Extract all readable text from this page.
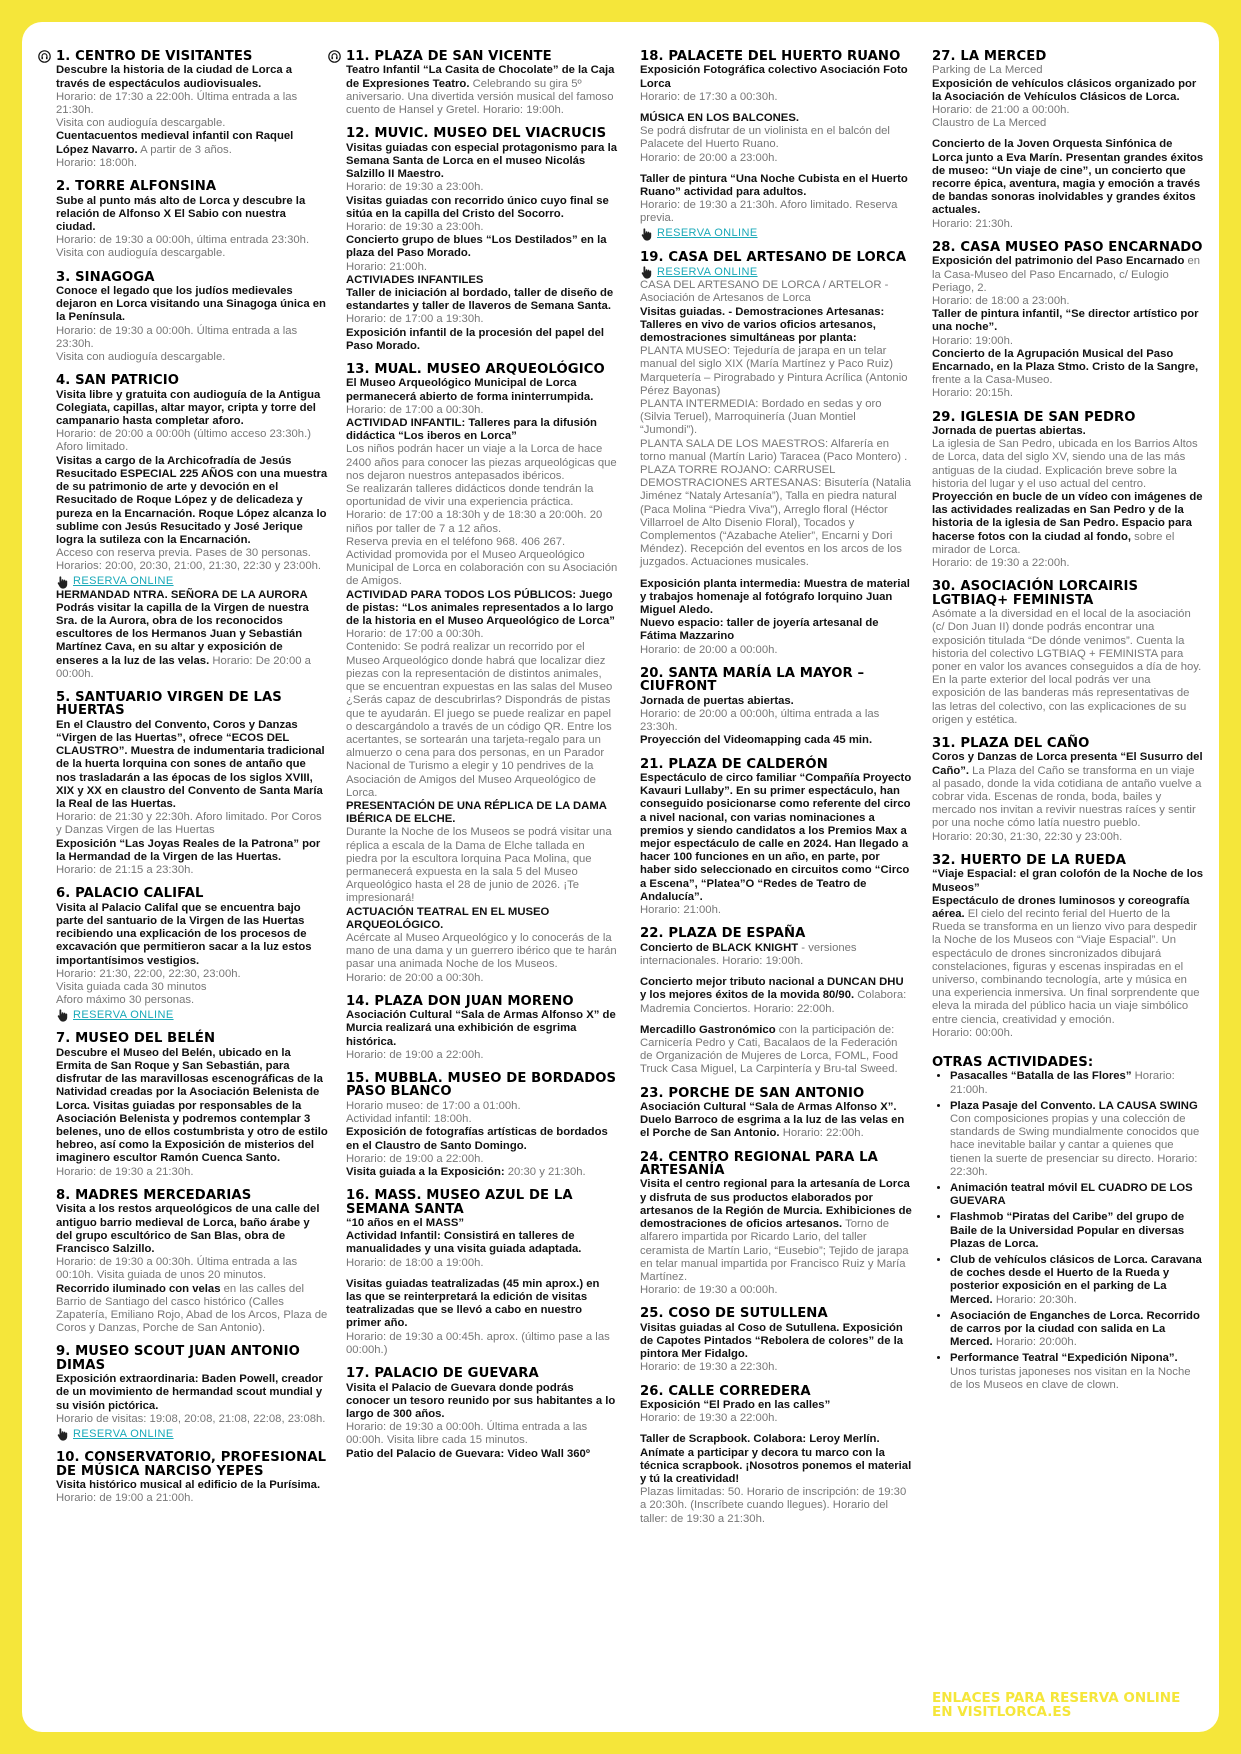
1. CENTRO DE VISITANTES
Descubre la historia de la ciudad de Lorca a través de espectáculos audiovisuales.
Horario: de 17:30 a 22:00h. Última entrada a las 21:30h.
Visita con audioguía descargable.
Cuentacuentos medieval infantil con Raquel López Navarro. A partir de 3 años.
Horario: 18:00h.
2. TORRE ALFONSINA
Sube al punto más alto de Lorca y descubre la relación de Alfonso X El Sabio con nuestra ciudad.
Horario: de 19:30 a 00:00h, última entrada 23:30h.
Visita con audioguía descargable.
3. SINAGOGA
Conoce el legado que los judíos medievales dejaron en Lorca visitando una Sinagoga única en la Península.
Horario: de 19:30 a 00:00h. Última entrada a las 23:30h.
Visita con audioguía descargable.
4. SAN PATRICIO
Visita libre y gratuita con audioguía de la Antigua Colegiata, capillas, altar mayor, cripta y torre del campanario hasta completar aforo.
Horario: de 20:00 a 00:00h (último acceso 23:30h.) Aforo limitado.
Visitas a cargo de la Archicofradía de Jesús Resucitado ESPECIAL 225 AÑOS con una muestra de su patrimonio de arte y devoción en el Resucitado de Roque López y de delicadeza y pureza en la Encarnación. Roque López alcanza lo sublime con Jesús Resucitado y José Jerique logra la sutileza con la Encarnación.
Acceso con reserva previa. Pases de 30 personas.
Horarios: 20:00, 20:30, 21:00, 21:30, 22:30 y 23:00h.
RESERVA ONLINE
HERMANDAD NTRA. SEÑORA DE LA AURORA Podrás visitar la capilla de la Virgen de nuestra Sra. de la Aurora, obra de los reconocidos escultores de los Hermanos Juan y Sebastián Martínez Cava, en su altar y exposición de enseres a la luz de las velas. Horario: De 20:00 a 00:00h.
5. SANTUARIO VIRGEN DE LAS HUERTAS
En el Claustro del Convento, Coros y Danzas “Virgen de las Huertas”, ofrece “ECOS DEL CLAUSTRO”. Muestra de indumentaria tradicional de la huerta lorquina con sones de antaño que nos trasladarán a las épocas de los siglos XVIII, XIX y XX en claustro del Convento de Santa María la Real de las Huertas.
Horario: de 21:30 y 22:30h. Aforo limitado. Por Coros y Danzas Virgen de las Huertas
Exposición “Las Joyas Reales de la Patrona” por la Hermandad de la Virgen de las Huertas.
Horario: de 21:15 a 23:30h.
6. PALACIO CALIFAL
Visita al Palacio Califal que se encuentra bajo parte del santuario de la Virgen de las Huertas recibiendo una explicación de los procesos de excavación que permitieron sacar a la luz estos importantísimos vestigios.
Horario: 21:30, 22:00, 22:30, 23:00h.
Visita guiada cada 30 minutos
Aforo máximo 30 personas.
RESERVA ONLINE
7. MUSEO DEL BELÉN
Descubre el Museo del Belén, ubicado en la Ermita de San Roque y San Sebastián, para disfrutar de las maravillosas escenográficas de la Natividad creadas por la Asociación Belenista de Lorca. Visitas guiadas por responsables de la Asociación Belenista y podremos contemplar 3 belenes, uno de ellos costumbrista y otro de estilo hebreo, así como la Exposición de misterios del imaginero escultor Ramón Cuenca Santo.
Horario: de 19:30 a 21:30h.
8. MADRES MERCEDARIAS
Visita a los restos arqueológicos de una calle del antiguo barrio medieval de Lorca, baño árabe y del grupo escultórico de San Blas, obra de Francisco Salzillo.
Horario: de 19:30 a 00:30h. Última entrada a las 00:10h. Visita guiada de unos 20 minutos.
Recorrido iluminado con velas en las calles del Barrio de Santiago del casco histórico (Calles Zapatería, Emiliano Rojo, Abad de los Arcos, Plaza de Coros y Danzas, Porche de San Antonio).
9. MUSEO SCOUT JUAN ANTONIO DIMAS
Exposición extraordinaria: Baden Powell, creador de un movimiento de hermandad scout mundial y su visión pictórica.
Horario de visitas: 19:08, 20:08, 21:08, 22:08, 23:08h.
RESERVA ONLINE
10. CONSERVATORIO, PROFESIONAL DE MÚSICA NARCISO YEPES
Visita histórico musical al edificio de la Purísima.
Horario: de 19:00 a 21:00h.
11. PLAZA DE SAN VICENTE
Teatro Infantil “La Casita de Chocolate” de la Caja de Expresiones Teatro. Celebrando su gira 5º aniversario. Una divertida versión musical del famoso cuento de Hansel y Gretel. Horario: 19:00h.
12. MUVIC. MUSEO DEL VIACRUCIS
Visitas guiadas con especial protagonismo para la Semana Santa de Lorca en el museo Nicolás Salzillo II Maestro.
Horario: de 19:30 a 23:00h.
Visitas guiadas con recorrido único cuyo final se sitúa en la capilla del Cristo del Socorro.
Horario: de 19:30 a 23:00h.
Concierto grupo de blues “Los Destilados” en la plaza del Paso Morado.
Horario: 21:00h.
ACTIVIADES INFANTILES
Taller de iniciación al bordado, taller de diseño de estandartes y taller de llaveros de Semana Santa.
Horario: de 17:00 a 19:30h.
Exposición infantil de la procesión del papel del Paso Morado.
13. MUAL. MUSEO ARQUEOLÓGICO
El Museo Arqueológico Municipal de Lorca permanecerá abierto de forma ininterrumpida.
Horario: de 17:00 a 00:30h.
ACTIVIDAD INFANTIL: Talleres para la difusión didáctica “Los iberos en Lorca”
Los niños podrán hacer un viaje a la Lorca de hace 2400 años para conocer las piezas arqueológicas que nos dejaron nuestros antepasados ibéricos.
Se realizarán talleres didácticos donde tendrán la oportunidad de vivir una experiencia práctica.
Horario: de 17:00 a 18:30h y de 18:30 a 20:00h. 20 niños por taller de 7 a 12 años.
Reserva previa en el teléfono 968. 406 267.
Actividad promovida por el Museo Arqueológico Municipal de Lorca en colaboración con su Asociación de Amigos.
ACTIVIDAD PARA TODOS LOS PÚBLICOS: Juego de pistas: “Los animales representados a lo largo de la historia en el Museo Arqueológico de Lorca”
Horario: de 17:00 a 00:30h.
Contenido: Se podrá realizar un recorrido por el Museo Arqueológico donde habrá que localizar diez piezas con la representación de distintos animales, que se encuentran expuestas en las salas del Museo ¿Serás capaz de descubrirlas? Dispondrás de pistas que te ayudarán. El juego se puede realizar en papel o descargándolo a través de un código QR. Entre los acertantes, se sortearán una tarjeta-regalo para un almuerzo o cena para dos personas, en un Parador Nacional de Turismo a elegir y 10 pendrives de la Asociación de Amigos del Museo Arqueológico de Lorca.
PRESENTACIÓN DE UNA RÉPLICA DE LA DAMA IBÉRICA DE ELCHE.
Durante la Noche de los Museos se podrá visitar una réplica a escala de la Dama de Elche tallada en piedra por la escultora lorquina Paca Molina, que permanecerá expuesta en la sala 5 del Museo Arqueológico hasta el 28 de junio de 2026. ¡Te impresionará!
ACTUACIÓN TEATRAL EN EL MUSEO ARQUEOLÓGICO.
Acércate al Museo Arqueológico y lo conocerás de la mano de una dama y un guerrero ibérico que te harán pasar una animada Noche de los Museos.
Horario: de 20:00 a 00:30h.
14. PLAZA DON JUAN MORENO
Asociación Cultural “Sala de Armas Alfonso X” de Murcia realizará una exhibición de esgrima histórica.
Horario: de 19:00 a 22:00h.
15. MUBBLA. MUSEO DE BORDADOS PASO BLANCO
Horario museo: de 17:00 a 01:00h.
Actividad infantil: 18:00h.
Exposición de fotografías artísticas de bordados en el Claustro de Santo Domingo.
Horario: de 19:00 a 22:00h.
Visita guiada a la Exposición: 20:30 y 21:30h.
16. MASS. MUSEO AZUL DE LA SEMANA SANTA
“10 años en el MASS”
Actividad Infantil: Consistirá en talleres de manualidades y una visita guiada adaptada.
Horario: de 18:00 a 19:00h.
Visitas guiadas teatralizadas (45 min aprox.) en las que se reinterpretará la edición de visitas teatralizadas que se llevó a cabo en nuestro primer año.
Horario: de 19:30 a 00:45h. aprox. (último pase a las 00:00h.)
17. PALACIO DE GUEVARA
Visita el Palacio de Guevara donde podrás conocer un tesoro reunido por sus habitantes a lo largo de 300 años.
Horario: de 19:30 a 00:00h. Última entrada a las 00:00h. Visita libre cada 15 minutos.
Patio del Palacio de Guevara: Video Wall 360º
18. PALACETE DEL HUERTO RUANO
Exposición Fotográfica colectivo Asociación Foto Lorca
Horario: de 17:30 a 00:30h.
MÚSICA EN LOS BALCONES.
Se podrá disfrutar de un violinista en el balcón del Palacete del Huerto Ruano.
Horario: de 20:00 a 23:00h.
Taller de pintura “Una Noche Cubista en el Huerto Ruano” actividad para adultos.
Horario: de 19:30 a 21:30h. Aforo limitado. Reserva previa.
RESERVA ONLINE
19. CASA DEL ARTESANO DE LORCA
RESERVA ONLINE
CASA DEL ARTESANO DE LORCA / ARTELOR - Asociación de Artesanos de Lorca
Visitas guiadas. - Demostraciones Artesanas: Talleres en vivo de varios oficios artesanos, demostraciones simultáneas por planta:
PLANTA MUSEO: Tejeduría de jarapa en un telar manual del siglo XIX (María Martínez y Paco Ruiz) Marquetería – Pirograbado y Pintura Acrílica (Antonio Pérez Bayonas)
PLANTA INTERMEDIA: Bordado en sedas y oro (Silvia Teruel), Marroquinería (Juan Montiel “Jumondi”).
PLANTA SALA DE LOS MAESTROS: Alfarería en torno manual (Martín Lario) Taracea (Paco Montero) .
PLAZA TORRE ROJANO: CARRUSEL DEMOSTRACIONES ARTESANAS: Bisutería (Natalia Jiménez “Nataly Artesanía”), Talla en piedra natural (Paca Molina “Piedra Viva”), Arreglo floral (Héctor Villarroel de Alto Disenio Floral), Tocados y Complementos (“Azabache Atelier”, Encarni y Dori Méndez). Recepción del eventos en los arcos de los juzgados. Actuaciones musicales.
Exposición planta intermedia: Muestra de material y trabajos homenaje al fotógrafo lorquino Juan Miguel Aledo.
Nuevo espacio: taller de joyería artesanal de Fátima Mazzarino
Horario: de 20:00 a 00:00h.
20. SANTA MARÍA LA MAYOR – CIUFRONT
Jornada de puertas abiertas.
Horario: de 20:00 a 00:00h, última entrada a las 23:30h.
Proyección del Videomapping cada 45 min.
21. PLAZA DE CALDERÓN
Espectáculo de circo familiar “Compañía Proyecto Kavauri Lullaby”. En su primer espectáculo, han conseguido posicionarse como referente del circo a nivel nacional, con varias nominaciones a premios y siendo candidatos a los Premios Max a mejor espectáculo de calle en 2024. Han llegado a hacer 100 funciones en un año, en parte, por haber sido seleccionado en circuitos como “Circo a Escena”, “Platea”O “Redes de Teatro de Andalucía”.
Horario: 21:00h.
22. PLAZA DE ESPAÑA
Concierto de BLACK KNIGHT - versiones internacionales. Horario: 19:00h.
Concierto mejor tributo nacional a DUNCAN DHU y los mejores éxitos de la movida 80/90. Colabora: Madremia Conciertos. Horario: 22:00h.
Mercadillo Gastronómico con la participación de: Carnicería Pedro y Cati, Bacalaos de la Federación de Organización de Mujeres de Lorca, FOML, Food Truck Casa Miguel, La Carpintería y Bru-tal Sweed.
23. PORCHE DE SAN ANTONIO
Asociación Cultural “Sala de Armas Alfonso X”. Duelo Barroco de esgrima a la luz de las velas en el Porche de San Antonio. Horario: 22:00h.
24. CENTRO REGIONAL PARA LA ARTESANÍA
Visita el centro regional para la artesanía de Lorca y disfruta de sus productos elaborados por artesanos de la Región de Murcia. Exhibiciones de demostraciones de oficios artesanos. Torno de alfarero impartida por Ricardo Lario, del taller ceramista de Martín Lario, “Eusebio”; Tejido de jarapa en telar manual impartida por Francisco Ruiz y María Martínez.
Horario: de 19:30 a 00:00h.
25. COSO DE SUTULLENA
Visitas guiadas al Coso de Sutullena. Exposición de Capotes Pintados “Rebolera de colores” de la pintora Mer Fidalgo.
Horario: de 19:30 a 22:30h.
26. CALLE CORREDERA
Exposición “El Prado en las calles”
Horario: de 19:30 a 22:00h.
Taller de Scrapbook. Colabora: Leroy Merlín. Anímate a participar y decora tu marco con la técnica scrapbook. ¡Nosotros ponemos el material y tú la creatividad!
Plazas limitadas: 50. Horario de inscripción: de 19:30 a 20:30h. (Inscríbete cuando llegues). Horario del taller: de 19:30 a 21:30h.
27. LA MERCED
Parking de La Merced
Exposición de vehículos clásicos organizado por la Asociación de Vehículos Clásicos de Lorca.
Horario: de 21:00 a 00:00h.
Claustro de La Merced
Concierto de la Joven Orquesta Sinfónica de Lorca junto a Eva Marín. Presentan grandes éxitos de museo: “Un viaje de cine”, un concierto que recorre épica, aventura, magia y emoción a través de bandas sonoras inolvidables y grandes éxitos actuales.
Horario: 21:30h.
28. CASA MUSEO PASO ENCARNADO
Exposición del patrimonio del Paso Encarnado en la Casa-Museo del Paso Encarnado, c/ Eulogio Periago, 2.
Horario: de 18:00 a 23:00h.
Taller de pintura infantil, “Se director artístico por una noche”.
Horario: 19:00h.
Concierto de la Agrupación Musical del Paso Encarnado, en la Plaza Stmo. Cristo de la Sangre, frente a la Casa-Museo.
Horario: 20:15h.
29. IGLESIA DE SAN PEDRO
Jornada de puertas abiertas.
La iglesia de San Pedro, ubicada en los Barrios Altos de Lorca, data del siglo XV, siendo una de las más antiguas de la ciudad. Explicación breve sobre la historia del lugar y el uso actual del centro.
Proyección en bucle de un vídeo con imágenes de las actividades realizadas en San Pedro y de la historia de la iglesia de San Pedro. Espacio para hacerse fotos con la ciudad al fondo, sobre el mirador de Lorca.
Horario: de 19:30 a 22:00h.
30. ASOCIACIÓN LORCAIRIS LGTBIAQ+ FEMINISTA
Asómate a la diversidad en el local de la asociación (c/ Don Juan II) donde podrás encontrar una exposición titulada “De dónde venimos”. Cuenta la historia del colectivo LGTBIAQ + FEMINISTA para poner en valor los avances conseguidos a día de hoy.
En la parte exterior del local podrás ver una exposición de las banderas más representativas de las letras del colectivo, con las explicaciones de su origen y estética.
31. PLAZA DEL CAÑO
Coros y Danzas de Lorca presenta “El Susurro del Caño”. La Plaza del Caño se transforma en un viaje al pasado, donde la vida cotidiana de antaño vuelve a cobrar vida. Escenas de ronda, boda, bailes y mercado nos invitan a revivir nuestras raíces y sentir por una noche cómo latía nuestro pueblo.
Horario: 20:30, 21:30, 22:30 y 23:00h.
32. HUERTO DE LA RUEDA
“Viaje Espacial: el gran colofón de la Noche de los Museos”
Espectáculo de drones luminosos y coreografía aérea. El cielo del recinto ferial del Huerto de la Rueda se transforma en un lienzo vivo para despedir la Noche de los Museos con “Viaje Espacial”. Un espectáculo de drones sincronizados dibujará constelaciones, figuras y escenas inspiradas en el universo, combinando tecnología, arte y música en una experiencia inmersiva. Un final sorprendente que eleva la mirada del público hacia un viaje simbólico entre ciencia, creatividad y emoción.
Horario: 00:00h.
OTRAS ACTIVIDADES:
• Pasacalles “Batalla de las Flores” Horario: 21:00h.
• Plaza Pasaje del Convento. LA CAUSA SWING Con composiciones propias y una colección de standards de Swing mundialmente conocidos que hace inevitable bailar y cantar a quienes que tienen la suerte de presenciar su directo. Horario: 22:30h.
• Animación teatral móvil EL CUADRO DE LOS GUEVARA
• Flashmob “Piratas del Caribe” del grupo de Baile de la Universidad Popular en diversas Plazas de Lorca.
• Club de vehículos clásicos de Lorca. Caravana de coches desde el Huerto de la Rueda y posterior exposición en el parking de La Merced. Horario: 20:30h.
• Asociación de Enganches de Lorca. Recorrido de carros por la ciudad con salida en La Merced. Horario: 20:00h.
• Performance Teatral “Expedición Nipona”. Unos turistas japoneses nos visitan en la Noche de los Museos en clave de clown.
ENLACES PARA RESERVA ONLINE EN VISITLORCA.ES
